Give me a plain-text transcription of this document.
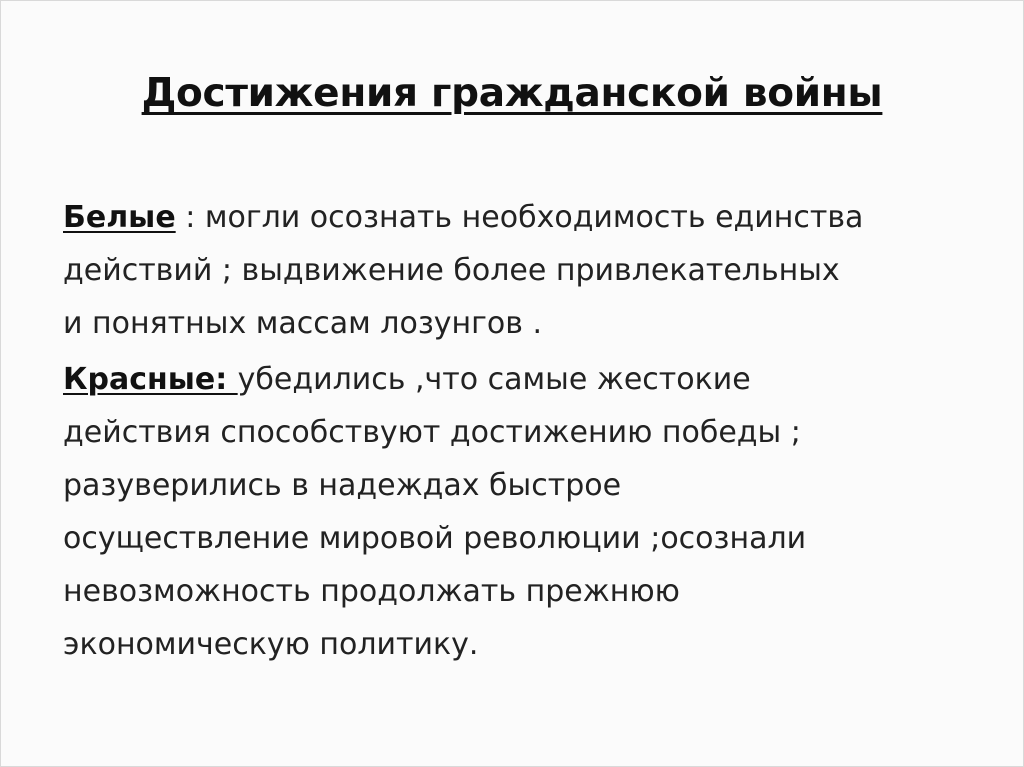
Достижения гражданской войны
Белые : могли осознать необходимость единства
действий ; выдвижение более привлекательных
и понятных массам лозунгов .
Красные: убедились ,что самые жестокие
действия способствуют достижению победы ;
разуверились в надеждах быстрое
осуществление мировой революции ;осознали
невозможность продолжать прежнюю
экономическую политику.
